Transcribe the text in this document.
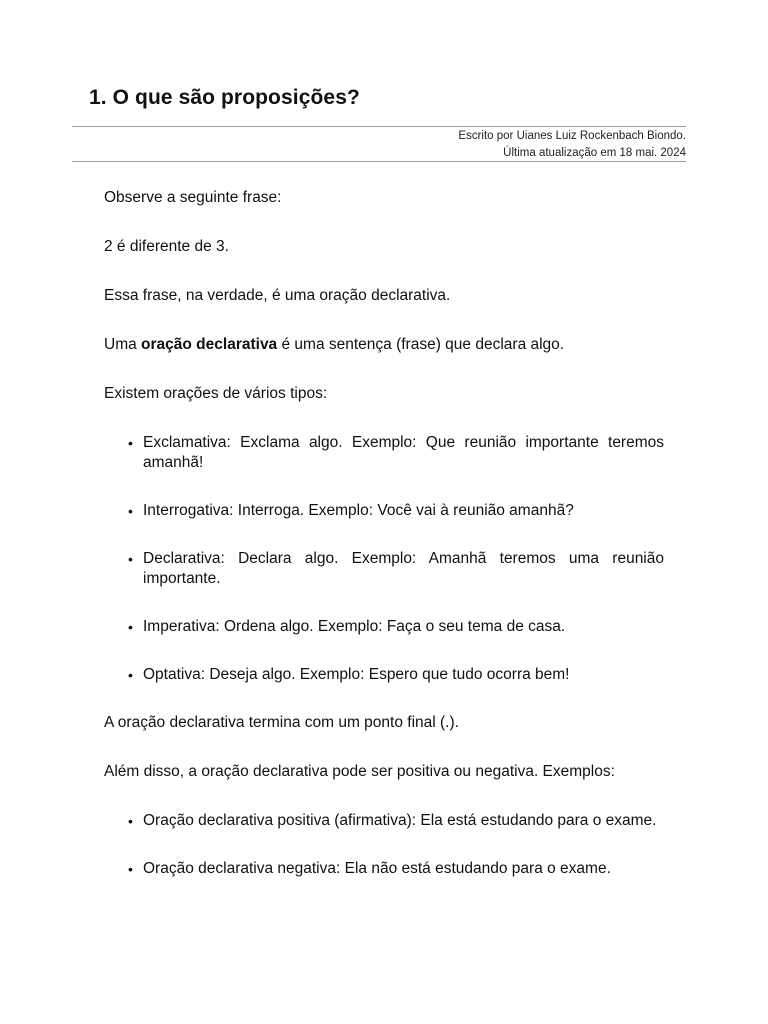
1. O que são proposições?
Escrito por Uianes Luiz Rockenbach Biondo.
Última atualização em 18 mai. 2024

Observe a seguinte frase:

2 é diferente de 3.

Essa frase, na verdade, é uma oração declarativa.

Uma oração declarativa é uma sentença (frase) que declara algo.

Existem orações de vários tipos:

• Exclamativa: Exclama algo. Exemplo: Que reunião importante teremos amanhã!
• Interrogativa: Interroga. Exemplo: Você vai à reunião amanhã?
• Declarativa: Declara algo. Exemplo: Amanhã teremos uma reunião importante.
• Imperativa: Ordena algo. Exemplo: Faça o seu tema de casa.
• Optativa: Deseja algo. Exemplo: Espero que tudo ocorra bem!

A oração declarativa termina com um ponto final (.).

Além disso, a oração declarativa pode ser positiva ou negativa. Exemplos:

• Oração declarativa positiva (afirmativa): Ela está estudando para o exame.
• Oração declarativa negativa: Ela não está estudando para o exame.
